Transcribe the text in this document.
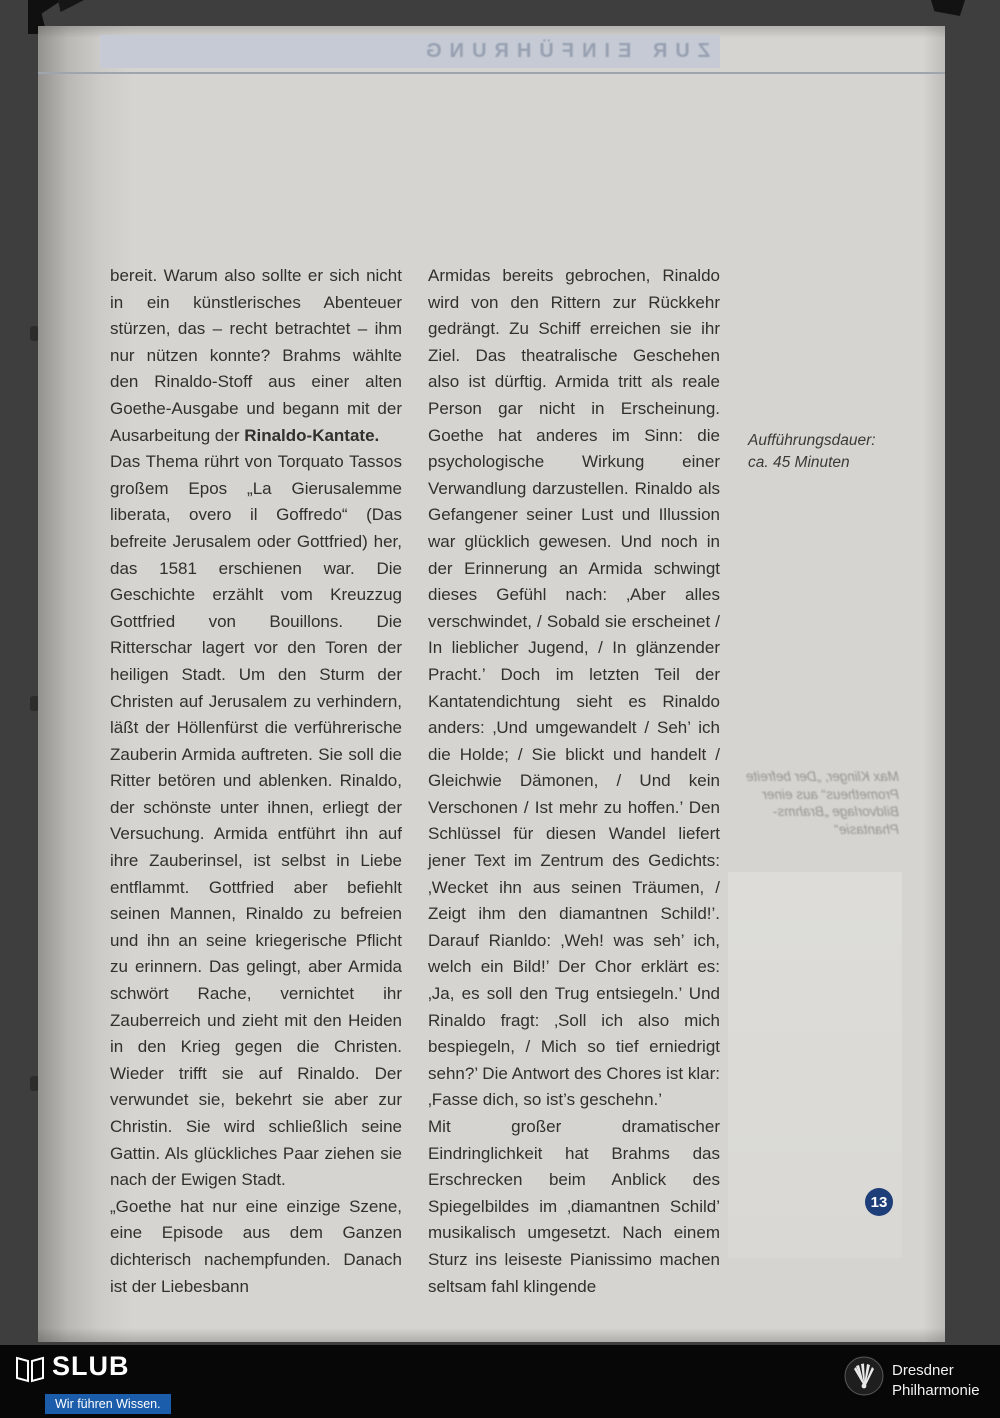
ZUR EINFÜHRUNG

bereit. Warum also sollte er sich nicht in ein künstlerisches Abenteuer stürzen, das – recht betrachtet – ihm nur nützen konnte? Brahms wählte den Rinaldo-Stoff aus einer alten Goethe-Ausgabe und begann mit der Ausarbeitung der Rinaldo-Kantate.

Das Thema rührt von Torquato Tassos großem Epos „La Gierusalemme liberata, overo il Goffredo“ (Das befreite Jerusalem oder Gottfried) her, das 1581 erschienen war. Die Geschichte erzählt vom Kreuzzug Gottfried von Bouillons. Die Ritterschar lagert vor den Toren der heiligen Stadt. Um den Sturm der Christen auf Jerusalem zu verhindern, läßt der Höllenfürst die verführerische Zauberin Armida auftreten. Sie soll die Ritter betören und ablenken. Rinaldo, der schönste unter ihnen, erliegt der Versuchung. Armida entführt ihn auf ihre Zauberinsel, ist selbst in Liebe entflammt. Gottfried aber befiehlt seinen Mannen, Rinaldo zu befreien und ihn an seine kriegerische Pflicht zu erinnern. Das gelingt, aber Armida schwört Rache, vernichtet ihr Zauberreich und zieht mit den Heiden in den Krieg gegen die Christen. Wieder trifft sie auf Rinaldo. Der verwundet sie, bekehrt sie aber zur Christin. Sie wird schließlich seine Gattin. Als glückliches Paar ziehen sie nach der Ewigen Stadt.

„Goethe hat nur eine einzige Szene, eine Episode aus dem Ganzen dichterisch nachempfunden. Danach ist der Liebesbann

Armidas bereits gebrochen, Rinaldo wird von den Rittern zur Rückkehr gedrängt. Zu Schiff erreichen sie ihr Ziel. Das theatralische Geschehen also ist dürftig. Armida tritt als reale Person gar nicht in Erscheinung. Goethe hat anderes im Sinn: die psychologische Wirkung einer Verwandlung darzustellen. Rinaldo als Gefangener seiner Lust und Illussion war glücklich gewesen. Und noch in der Erinnerung an Armida schwingt dieses Gefühl nach: ‚Aber alles verschwindet, / Sobald sie erscheinet / In lieblicher Jugend, / In glänzender Pracht.’ Doch im letzten Teil der Kantatendichtung sieht es Rinaldo anders: ‚Und umgewandelt / Seh’ ich die Holde; / Sie blickt und handelt / Gleichwie Dämonen, / Und kein Verschonen / Ist mehr zu hoffen.’ Den Schlüssel für diesen Wandel liefert jener Text im Zentrum des Gedichts: ‚Wecket ihn aus seinen Träumen, / Zeigt ihm den diamantnen Schild!’. Darauf Rianldo: ‚Weh! was seh’ ich, welch ein Bild!’ Der Chor erklärt es: ‚Ja, es soll den Trug entsiegeln.’ Und Rinaldo fragt: ‚Soll ich also mich bespiegeln, / Mich so tief erniedrigt sehn?’ Die Antwort des Chores ist klar: ‚Fasse dich, so ist’s geschehn.’

Mit großer dramatischer Eindringlichkeit hat Brahms das Erschrecken beim Anblick des Spiegelbildes im ‚diamantnen Schild’ musikalisch umgesetzt. Nach einem Sturz ins leiseste Pianissimo machen seltsam fahl klingende

Aufführungsdauer:
ca. 45 Minuten
Max Klinger, „Der befreite Prometheus“ aus einer Bildvorlage „Brahms-Phantasie“
13
SLUB
Wir führen Wissen.
Dresdner
Philharmonie
